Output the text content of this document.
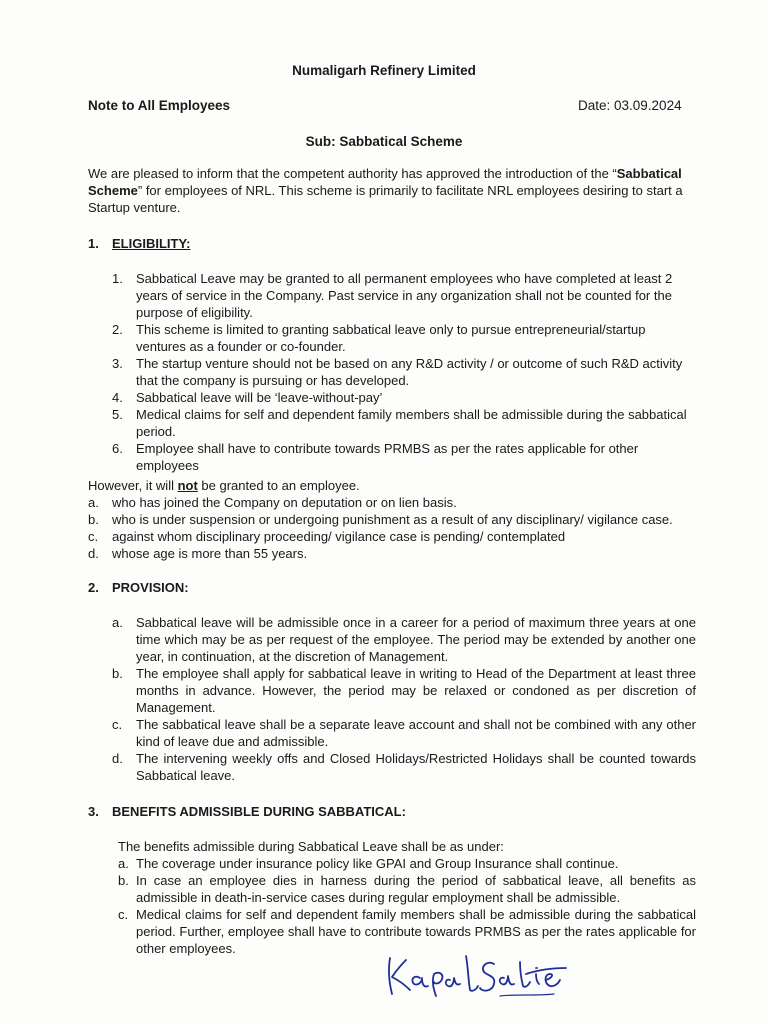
Numaligarh Refinery Limited
Note to All Employees	Date: 03.09.2024
Sub: Sabbatical Scheme
We are pleased to inform that the competent authority has approved the introduction of the “Sabbatical Scheme” for employees of NRL. This scheme is primarily to facilitate NRL employees desiring to start a Startup venture.
1. ELIGIBILITY:
1.	Sabbatical Leave may be granted to all permanent employees who have completed at least 2 years of service in the Company. Past service in any organization shall not be counted for the purpose of eligibility.
2.	This scheme is limited to granting sabbatical leave only to pursue entrepreneurial/startup ventures as a founder or co-founder.
3.	The startup venture should not be based on any R&D activity / or outcome of such R&D activity that the company is pursuing or has developed.
4.	Sabbatical leave will be ‘leave-without-pay’
5.	Medical claims for self and dependent family members shall be admissible during the sabbatical period.
6.	Employee shall have to contribute towards PRMBS as per the rates applicable for other employees
However, it will not be granted to an employee.
a.	who has joined the Company on deputation or on lien basis.
b.	who is under suspension or undergoing punishment as a result of any disciplinary/ vigilance case.
c.	against whom disciplinary proceeding/ vigilance case is pending/ contemplated
d.	whose age is more than 55 years.
2. PROVISION:
a.	Sabbatical leave will be admissible once in a career for a period of maximum three years at one time which may be as per request of the employee. The period may be extended by another one year, in continuation, at the discretion of Management.
b.	The employee shall apply for sabbatical leave in writing to Head of the Department at least three months in advance. However, the period may be relaxed or condoned as per discretion of Management.
c.	The sabbatical leave shall be a separate leave account and shall not be combined with any other kind of leave due and admissible.
d.	The intervening weekly offs and Closed Holidays/Restricted Holidays shall be counted towards Sabbatical leave.
3. BENEFITS ADMISSIBLE DURING SABBATICAL:
The benefits admissible during Sabbatical Leave shall be as under:
a. The coverage under insurance policy like GPAI and Group Insurance shall continue.
b. In case an employee dies in harness during the period of sabbatical leave, all benefits as admissible in death-in-service cases during regular employment shall be admissible.
c. Medical claims for self and dependent family members shall be admissible during the sabbatical period. Further, employee shall have to contribute towards PRMBS as per the rates applicable for other employees.
